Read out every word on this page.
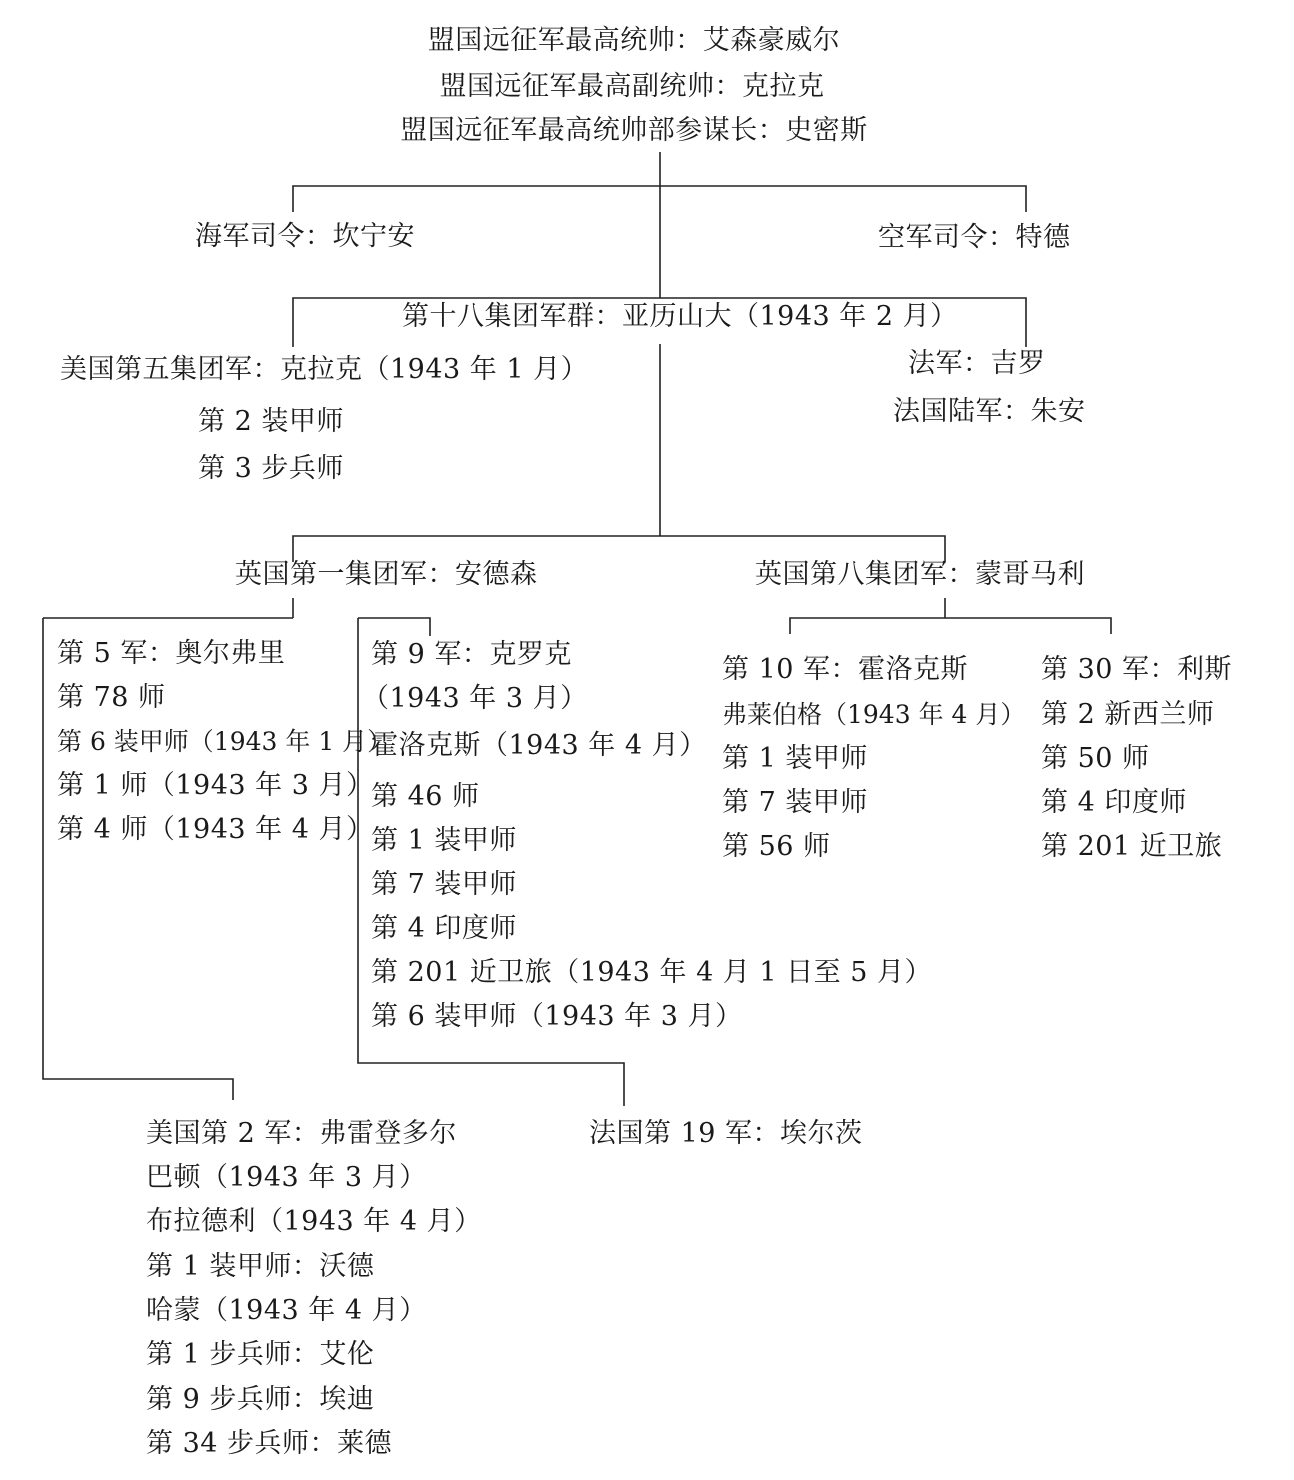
盟国远征军最高统帅：艾森豪威尔
盟国远征军最高副统帅：克拉克
盟国远征军最高统帅部参谋长：史密斯
海军司令：坎宁安	空军司令：特德
第十八集团军群：亚历山大（1943 年 2 月）
美国第五集团军：克拉克（1943 年 1 月）
第 2 装甲师
第 3 步兵师
法军：吉罗
法国陆军：朱安
英国第一集团军：安德森	英国第八集团军：蒙哥马利
第 5 军：奥尔弗里
第 78 师
第 6 装甲师（1943 年 1 月）
第 1 师（1943 年 3 月）
第 4 师（1943 年 4 月）
第 9 军：克罗克
（1943 年 3 月）
霍洛克斯（1943 年 4 月）
第 46 师
第 1 装甲师
第 7 装甲师
第 4 印度师
第 201 近卫旅（1943 年 4 月 1 日至 5 月）
第 6 装甲师（1943 年 3 月）
第 10 军：霍洛克斯
弗莱伯格（1943 年 4 月）
第 1 装甲师
第 7 装甲师
第 56 师
第 30 军：利斯
第 2 新西兰师
第 50 师
第 4 印度师
第 201 近卫旅
美国第 2 军：弗雷登多尔
巴顿（1943 年 3 月）
布拉德利（1943 年 4 月）
第 1 装甲师：沃德
哈蒙（1943 年 4 月）
第 1 步兵师：艾伦
第 9 步兵师：埃迪
第 34 步兵师：莱德
法国第 19 军：埃尔茨
